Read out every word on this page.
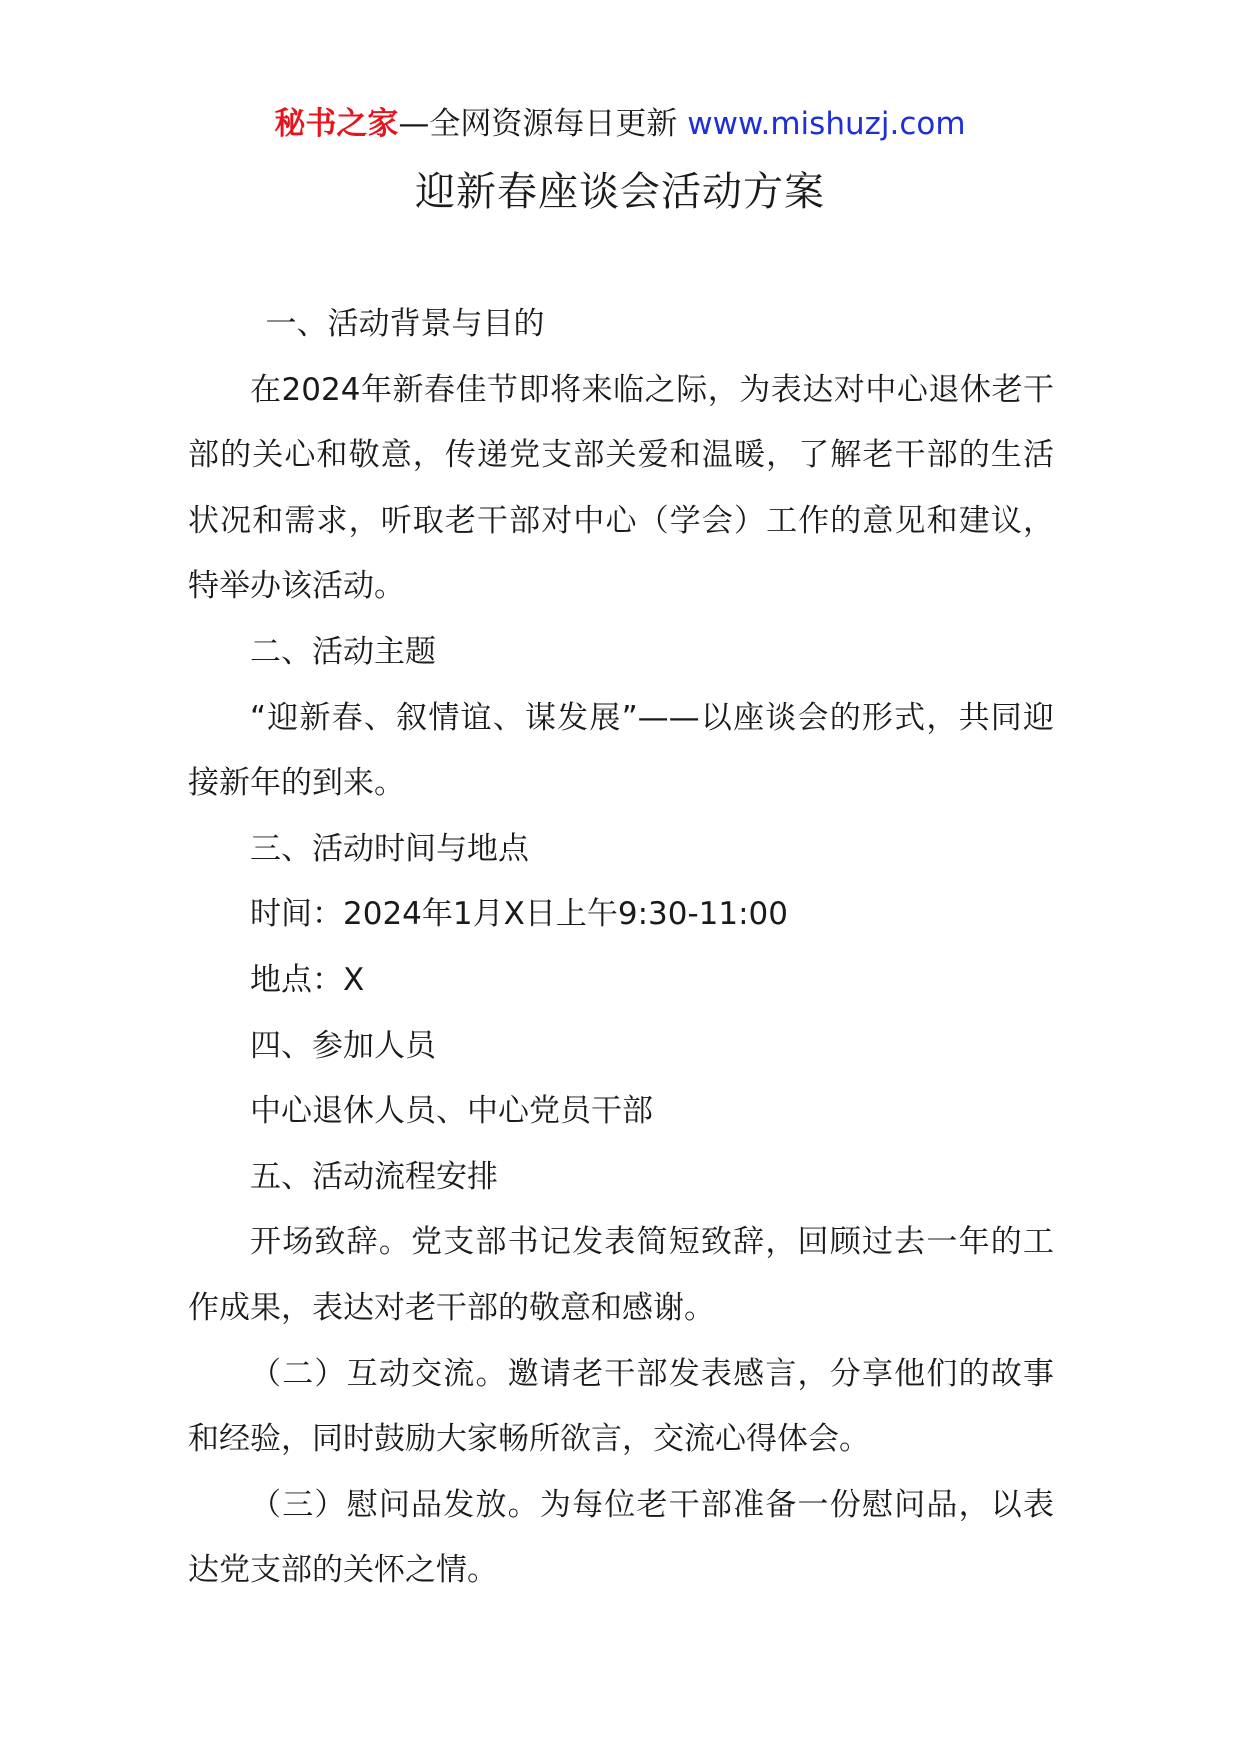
秘书之家—全网资源每日更新 www.mishuzj.com
迎新春座谈会活动方案

一、活动背景与目的

在2024年新春佳节即将来临之际，为表达对中心退休老干部的关心和敬意，传递党支部关爱和温暖，了解老干部的生活状况和需求，听取老干部对中心（学会）工作的意见和建议， 特举办该活动。

二、活动主题

“迎新春、叙情谊、谋发展”——以座谈会的形式，共同迎接新年的到来。

三、活动时间与地点

时间：2024年1月X日上午9:30-11:00

地点：X

四、参加人员

中心退休人员、中心党员干部

五、活动流程安排

开场致辞。党支部书记发表简短致辞，回顾过去一年的工作成果，表达对老干部的敬意和感谢。

（二）互动交流。邀请老干部发表感言，分享他们的故事和经验，同时鼓励大家畅所欲言，交流心得体会。

（三）慰问品发放。为每位老干部准备一份慰问品，以表达党支部的关怀之情。
